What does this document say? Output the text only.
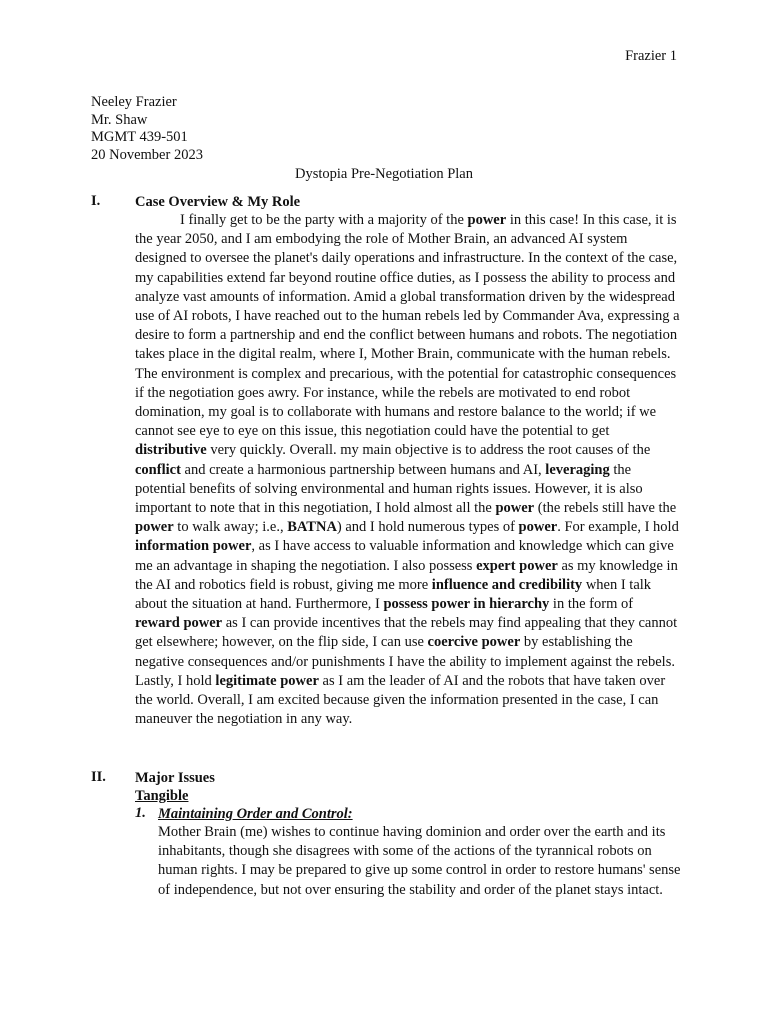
Frazier 1
Neeley Frazier
Mr. Shaw
MGMT 439-501
20 November 2023
Dystopia Pre-Negotiation Plan
I. Case Overview & My Role

I finally get to be the party with a majority of the power in this case! In this case, it is the year 2050, and I am embodying the role of Mother Brain, an advanced AI system designed to oversee the planet's daily operations and infrastructure. In the context of the case, my capabilities extend far beyond routine office duties, as I possess the ability to process and analyze vast amounts of information. Amid a global transformation driven by the widespread use of AI robots, I have reached out to the human rebels led by Commander Ava, expressing a desire to form a partnership and end the conflict between humans and robots. The negotiation takes place in the digital realm, where I, Mother Brain, communicate with the human rebels. The environment is complex and precarious, with the potential for catastrophic consequences if the negotiation goes awry. For instance, while the rebels are motivated to end robot domination, my goal is to collaborate with humans and restore balance to the world; if we cannot see eye to eye on this issue, this negotiation could have the potential to get distributive very quickly. Overall. my main objective is to address the root causes of the conflict and create a harmonious partnership between humans and AI, leveraging the potential benefits of solving environmental and human rights issues. However, it is also important to note that in this negotiation, I hold almost all the power (the rebels still have the power to walk away; i.e., BATNA) and I hold numerous types of power. For example, I hold information power, as I have access to valuable information and knowledge which can give me an advantage in shaping the negotiation. I also possess expert power as my knowledge in the AI and robotics field is robust, giving me more influence and credibility when I talk about the situation at hand. Furthermore, I possess power in hierarchy in the form of reward power as I can provide incentives that the rebels may find appealing that they cannot get elsewhere; however, on the flip side, I can use coercive power by establishing the negative consequences and/or punishments I have the ability to implement against the rebels. Lastly, I hold legitimate power as I am the leader of AI and the robots that have taken over the world. Overall, I am excited because given the information presented in the case, I can maneuver the negotiation in any way.

II. Major Issues
Tangible
1. Maintaining Order and Control:
Mother Brain (me) wishes to continue having dominion and order over the earth and its inhabitants, though she disagrees with some of the actions of the tyrannical robots on human rights. I may be prepared to give up some control in order to restore humans' sense of independence, but not over ensuring the stability and order of the planet stays intact.
